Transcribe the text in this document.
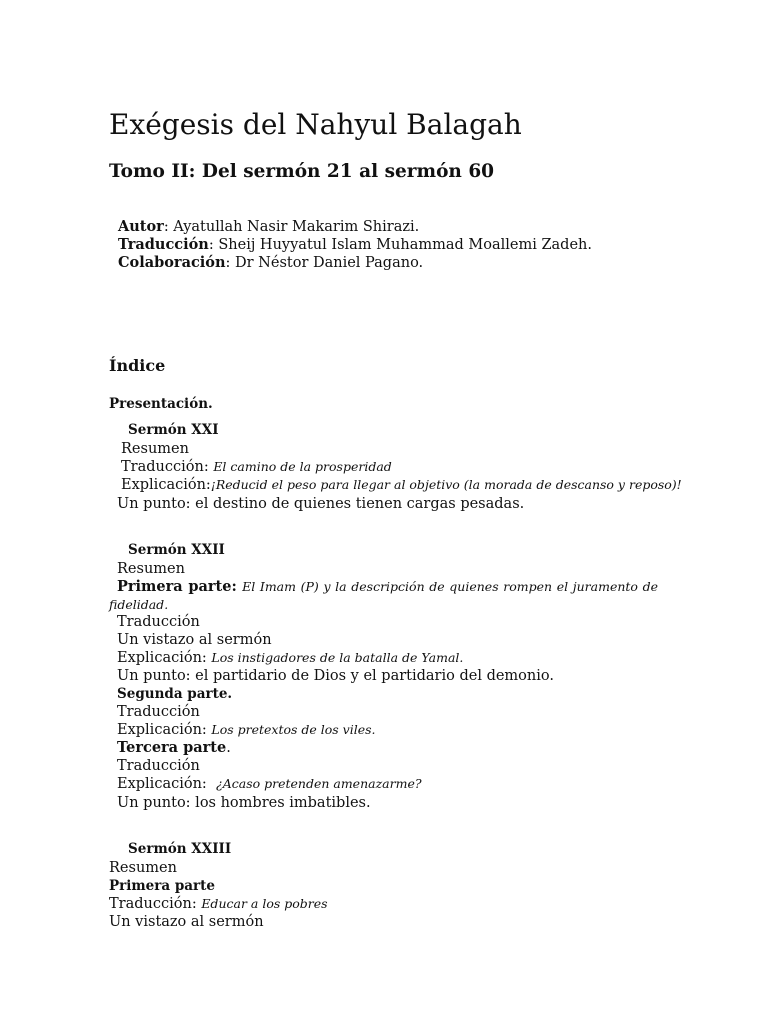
Exégesis del Nahyul Balagah
Tomo II: Del sermón 21 al sermón 60
Autor: Ayatullah Nasir Makarim Shirazi.
Traducción: Sheij Huyyatul Islam Muhammad Moallemi Zadeh.
Colaboración: Dr Néstor Daniel Pagano.
Índice
Presentación.
Sermón XXI
Resumen
Traducción: El camino de la prosperidad
Explicación:¡Reducid el peso para llegar al objetivo (la morada de descanso y reposo)!
Un punto: el destino de quienes tienen cargas pesadas.
Sermón XXII
Resumen
Primera parte: El Imam (P) y la descripción de quienes rompen el juramento de
fidelidad.
Traducción
Un vistazo al sermón
Explicación: Los instigadores de la batalla de Yamal.
Un punto: el partidario de Dios y el partidario del demonio.
Segunda parte.
Traducción
Explicación: Los pretextos de los viles.
Tercera parte.
Traducción
Explicación:  ¿Acaso pretenden amenazarme?
Un punto: los hombres imbatibles.
Sermón XXIII
Resumen
Primera parte
Traducción: Educar a los pobres
Un vistazo al sermón
